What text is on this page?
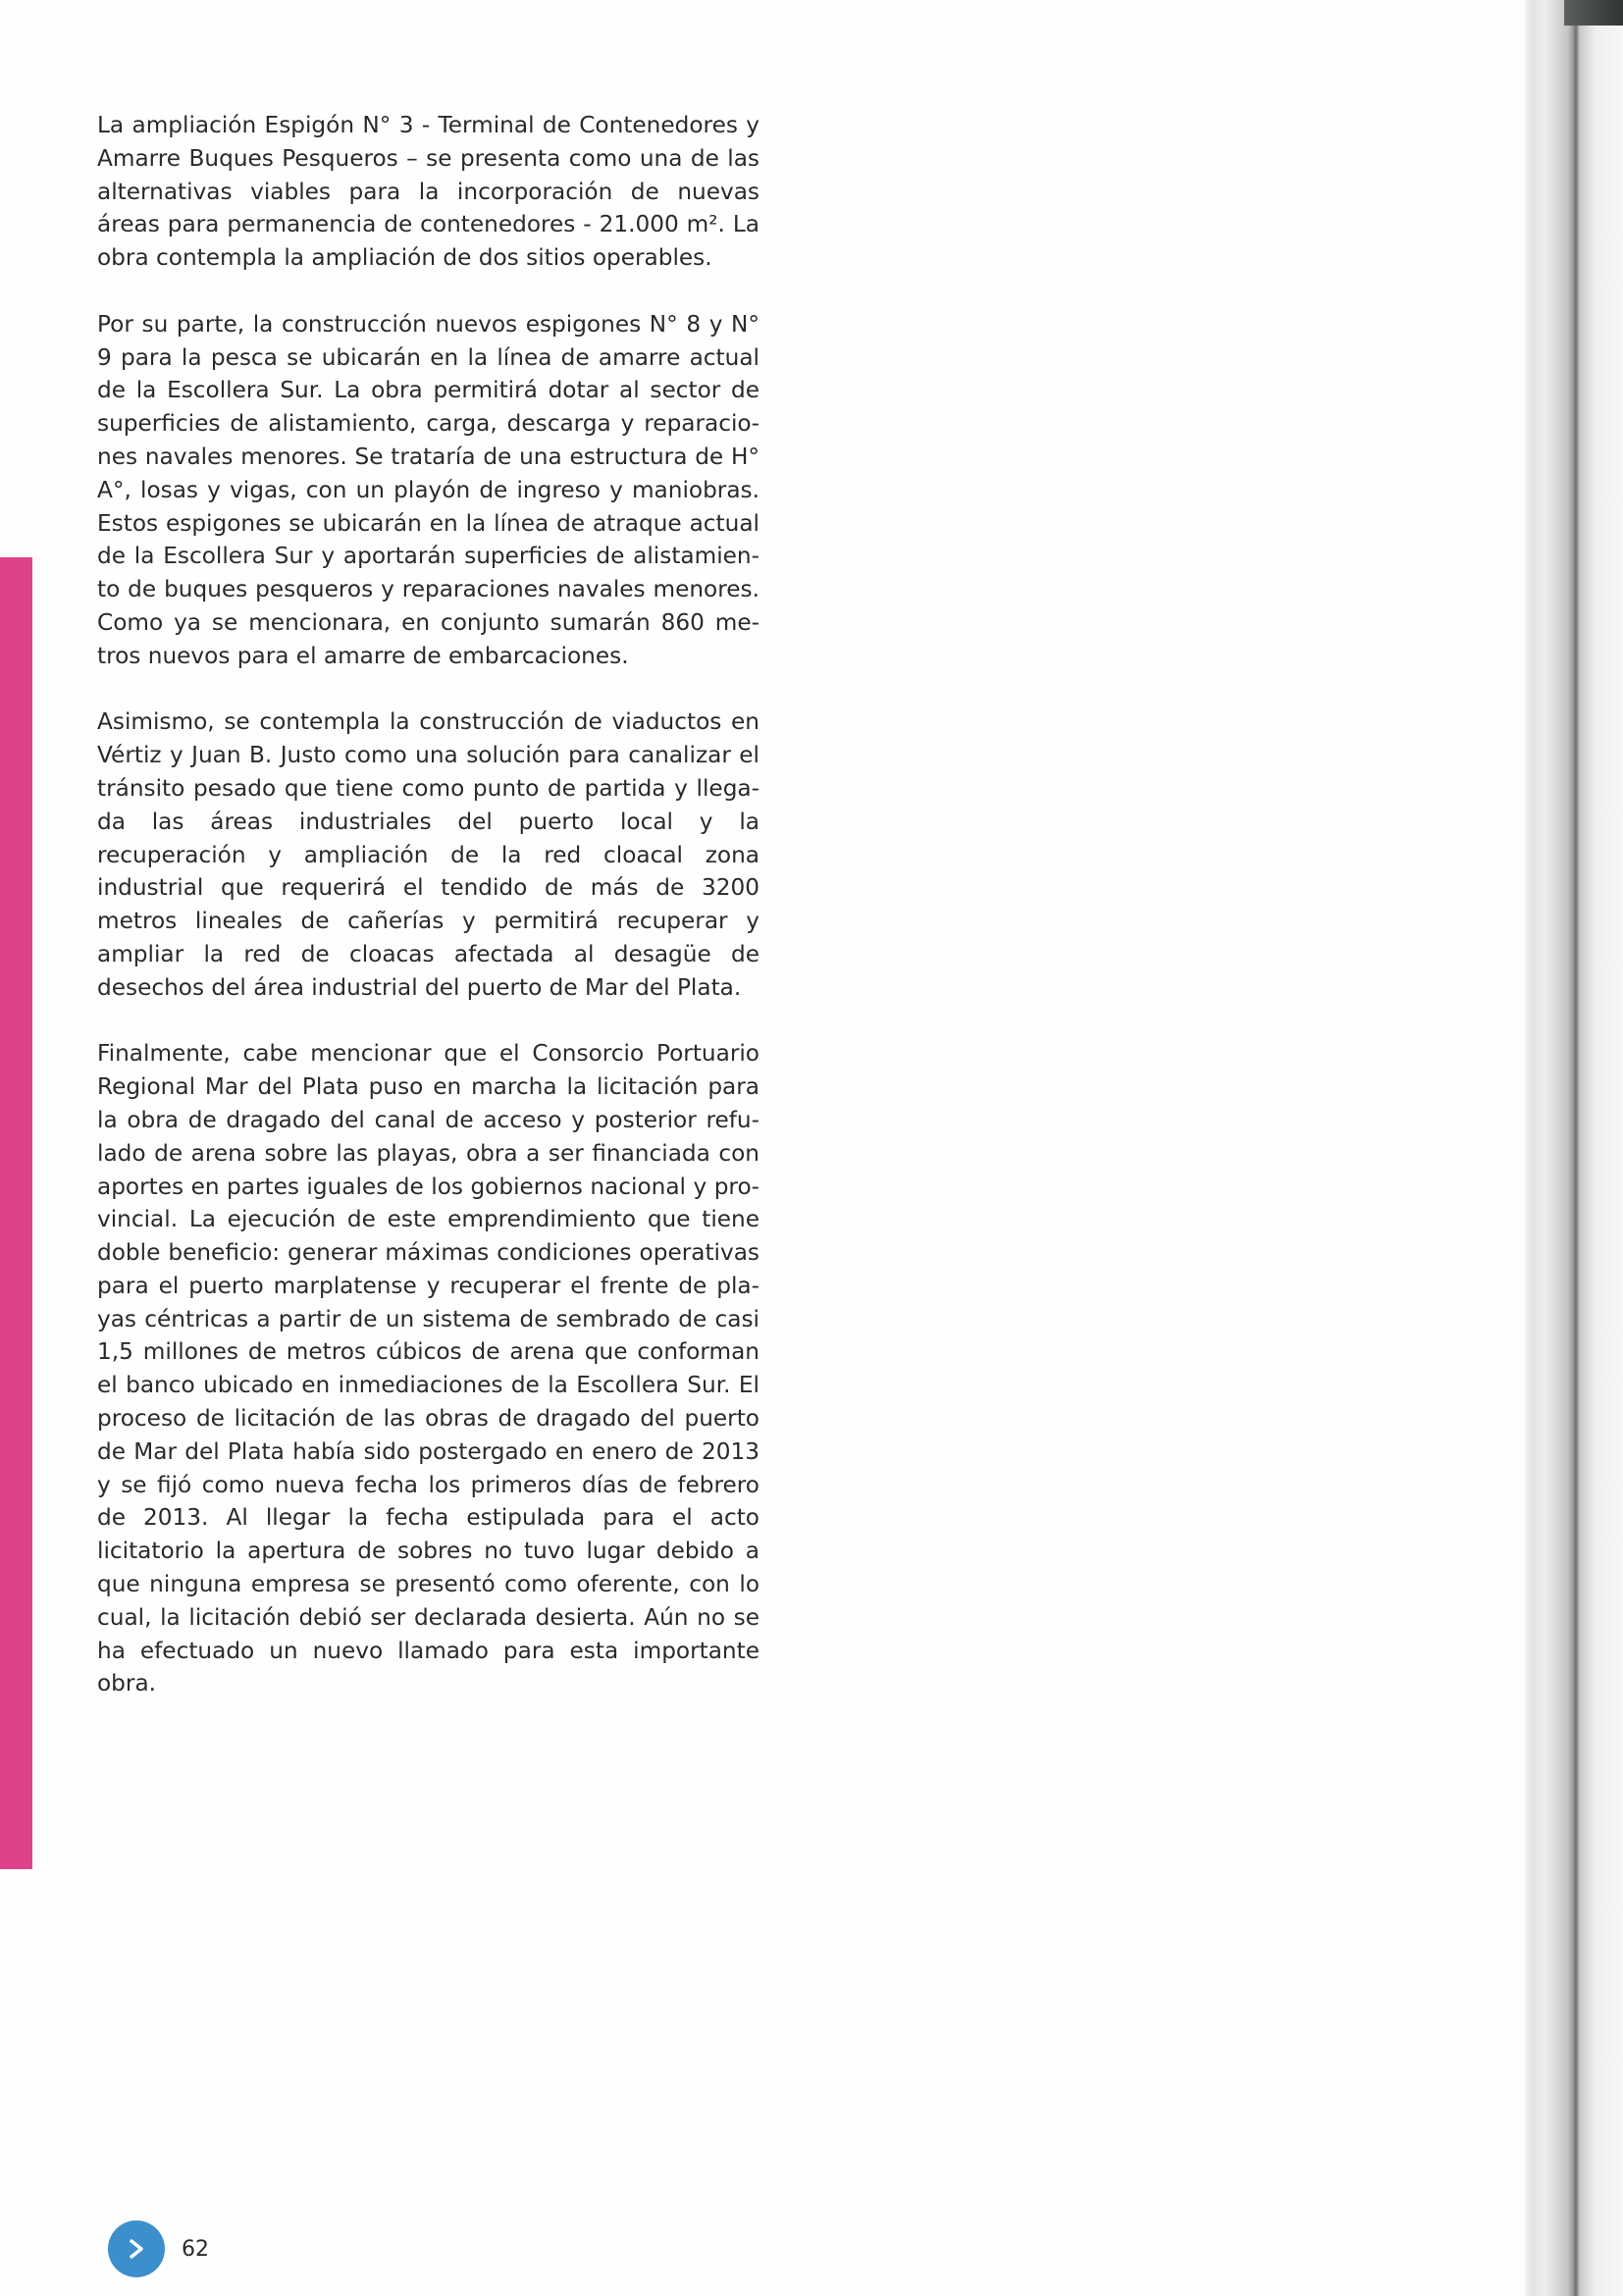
La ampliación Espigón N° 3 - Terminal de Contenedores y Amarre Buques Pesqueros – se presenta como una de las alternativas viables para la incorporación de nuevas áreas para permanencia de contenedores - 21.000 m². La obra contempla la ampliación de dos sitios operables.

Por su parte, la construcción nuevos espigones N° 8 y N° 9 para la pesca se ubicarán en la línea de amarre actual de la Escollera Sur. La obra permitirá dotar al sector de superficies de alistamiento, carga, descarga y reparaciones navales menores. Se trataría de una estructura de H° A°, losas y vigas, con un playón de ingreso y maniobras. Estos espigones se ubicarán en la línea de atraque actual de la Escollera Sur y aportarán superficies de alistamiento de buques pesqueros y reparaciones navales menores. Como ya se mencionara, en conjunto sumarán 860 metros nuevos para el amarre de embarcaciones.

Asimismo, se contempla la construcción de viaductos en Vértiz y Juan B. Justo como una solución para canalizar el tránsito pesado que tiene como punto de partida y llegada las áreas industriales del puerto local y la recuperación y ampliación de la red cloacal zona industrial que requerirá el tendido de más de 3200 metros lineales de cañerías y permitirá recuperar y ampliar la red de cloacas afectada al desagüe de desechos del área industrial del puerto de Mar del Plata.

Finalmente, cabe mencionar que el Consorcio Portuario Regional Mar del Plata puso en marcha la licitación para la obra de dragado del canal de acceso y posterior refulado de arena sobre las playas, obra a ser financiada con aportes en partes iguales de los gobiernos nacional y provincial. La ejecución de este emprendimiento que tiene doble beneficio: generar máximas condiciones operativas para el puerto marplatense y recuperar el frente de playas céntricas a partir de un sistema de sembrado de casi 1,5 millones de metros cúbicos de arena que conforman el banco ubicado en inmediaciones de la Escollera Sur. El proceso de licitación de las obras de dragado del puerto de Mar del Plata había sido postergado en enero de 2013 y se fijó como nueva fecha los primeros días de febrero de 2013. Al llegar la fecha estipulada para el acto licitatorio la apertura de sobres no tuvo lugar debido a que ninguna empresa se presentó como oferente, con lo cual, la licitación debió ser declarada desierta. Aún no se ha efectuado un nuevo llamado para esta importante obra.

62
